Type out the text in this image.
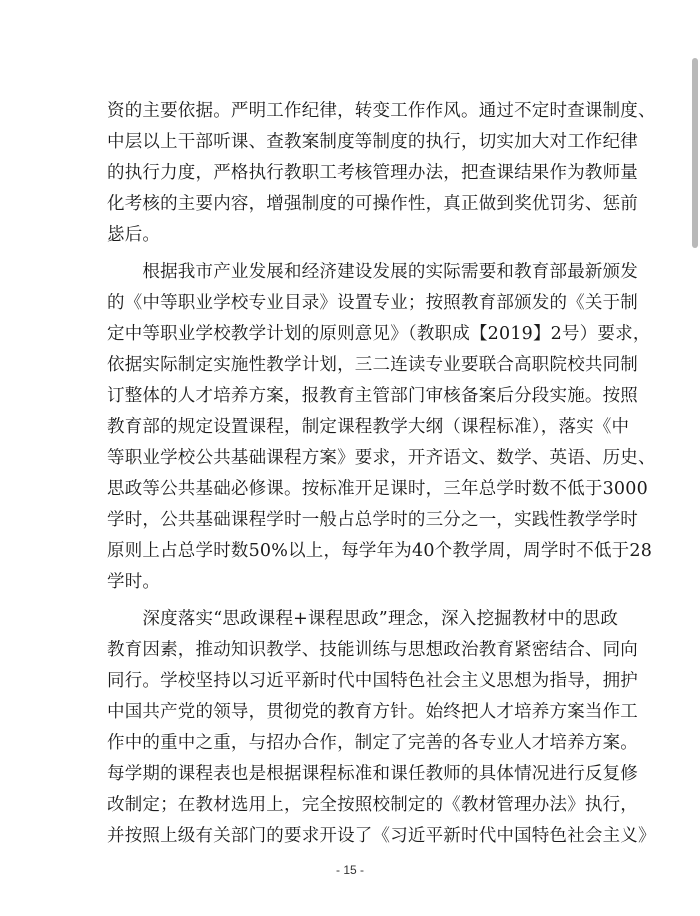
资的主要依据。严明工作纪律，转变工作作风。通过不定时查课制度、
中层以上干部听课、查教案制度等制度的执行，切实加大对工作纪律
的执行力度，严格执行教职工考核管理办法，把查课结果作为教师量
化考核的主要内容，增强制度的可操作性，真正做到奖优罚劣、惩前
毖后。
　　根据我市产业发展和经济建设发展的实际需要和教育部最新颁发
的《中等职业学校专业目录》设置专业；按照教育部颁发的《关于制
定中等职业学校教学计划的原则意见》（教职成【2019】2号）要求，
依据实际制定实施性教学计划，三二连读专业要联合高职院校共同制
订整体的人才培养方案，报教育主管部门审核备案后分段实施。按照
教育部的规定设置课程，制定课程教学大纲（课程标准），落实《中
等职业学校公共基础课程方案》要求，开齐语文、数学、英语、历史、
思政等公共基础必修课。按标准开足课时，三年总学时数不低于3000
学时，公共基础课程学时一般占总学时的三分之一，实践性教学学时
原则上占总学时数50%以上，每学年为40个教学周，周学时不低于28
学时。
　　深度落实“思政课程+课程思政”理念，深入挖掘教材中的思政
教育因素，推动知识教学、技能训练与思想政治教育紧密结合、同向
同行。学校坚持以习近平新时代中国特色社会主义思想为指导，拥护
中国共产党的领导，贯彻党的教育方针。始终把人才培养方案当作工
作中的重中之重，与招办合作，制定了完善的各专业人才培养方案。
每学期的课程表也是根据课程标准和课任教师的具体情况进行反复修
改制定；在教材选用上，完全按照校制定的《教材管理办法》执行，
并按照上级有关部门的要求开设了《习近平新时代中国特色社会主义》
- 15 -
